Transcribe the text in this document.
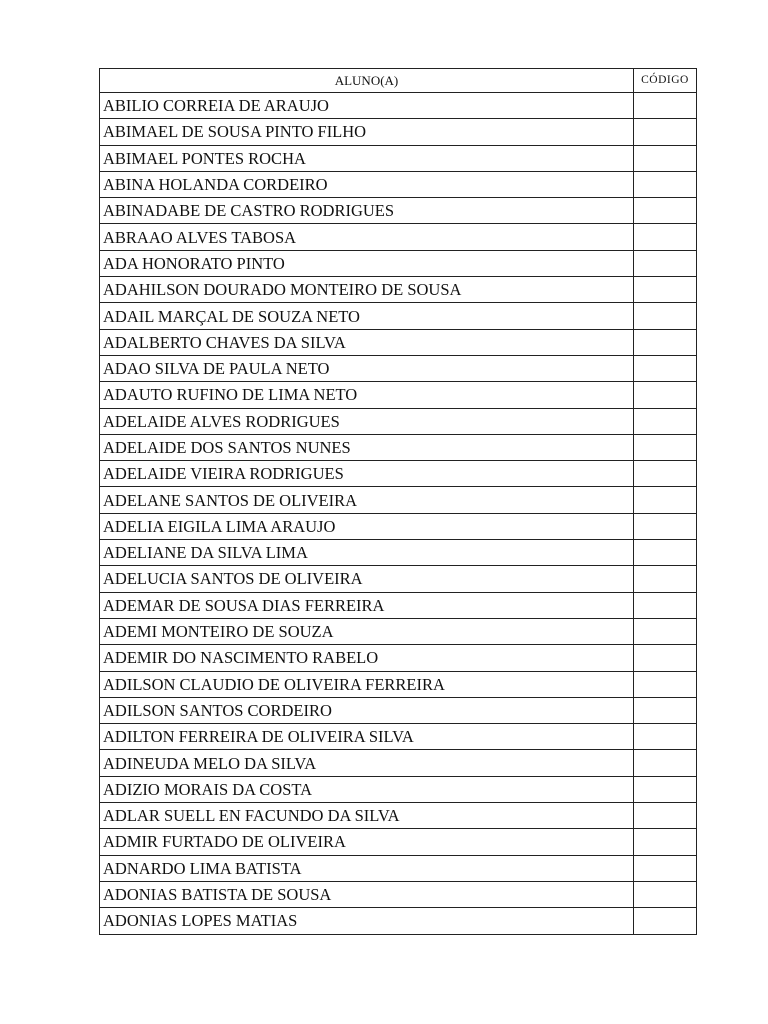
ALUNO(A)	CÓDIGO
ABILIO CORREIA DE ARAUJO	
ABIMAEL DE SOUSA PINTO FILHO	
ABIMAEL PONTES ROCHA	
ABINA HOLANDA CORDEIRO	
ABINADABE DE CASTRO RODRIGUES	
ABRAAO ALVES TABOSA	
ADA HONORATO PINTO	
ADAHILSON DOURADO MONTEIRO DE SOUSA	
ADAIL MARÇAL DE SOUZA NETO	
ADALBERTO CHAVES DA SILVA	
ADAO SILVA DE PAULA NETO	
ADAUTO RUFINO DE LIMA NETO	
ADELAIDE ALVES RODRIGUES	
ADELAIDE DOS SANTOS NUNES	
ADELAIDE VIEIRA RODRIGUES	
ADELANE SANTOS DE OLIVEIRA	
ADELIA EIGILA LIMA ARAUJO	
ADELIANE DA SILVA LIMA	
ADELUCIA SANTOS DE OLIVEIRA	
ADEMAR DE SOUSA DIAS FERREIRA	
ADEMI MONTEIRO DE SOUZA	
ADEMIR DO NASCIMENTO RABELO	
ADILSON CLAUDIO DE OLIVEIRA FERREIRA	
ADILSON SANTOS CORDEIRO	
ADILTON FERREIRA DE OLIVEIRA SILVA	
ADINEUDA MELO DA SILVA	
ADIZIO MORAIS DA COSTA	
ADLAR SUELL EN FACUNDO DA SILVA	
ADMIR FURTADO DE OLIVEIRA	
ADNARDO LIMA BATISTA	
ADONIAS BATISTA DE SOUSA	
ADONIAS LOPES MATIAS	
